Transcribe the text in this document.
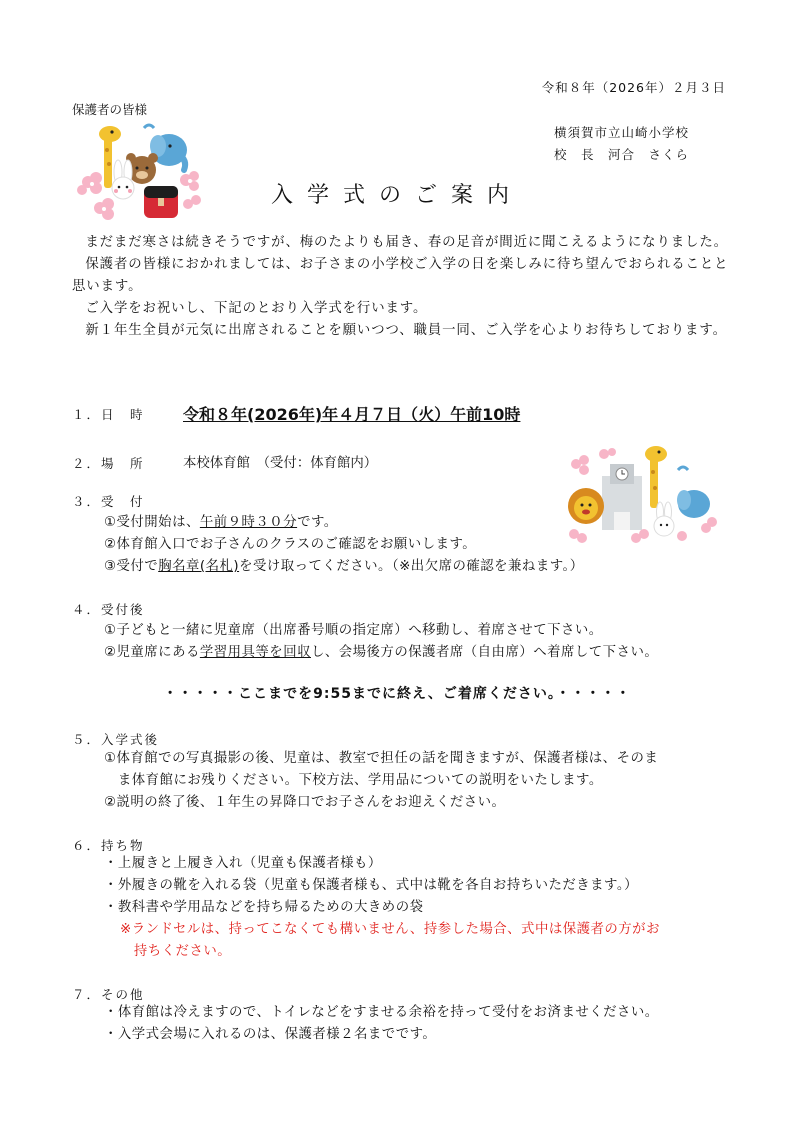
令和８年（2026年）２月３日
保護者の皆様
横須賀市立山崎小学校
校　長　河合　さくら
入学式のご案内

まだまだ寒さは続きそうですが、梅のたよりも届き、春の足音が間近に聞こえるようになりました。

保護者の皆様におかれましては、お子さまの小学校ご入学の日を楽しみに待ち望んでおられることと思います。

ご入学をお祝いし、下記のとおり入学式を行います。

新１年生全員が元気に出席されることを願いつつ、職員一同、ご入学を心よりお待ちしております。

１．日　時 令和８年(2026年)年４月７日（火）午前10時
２．場　所	本校体育館　（受付：体育館内）
３．受　付
①受付開始は、午前９時３０分です。
②体育館入口でお子さんのクラスのご確認をお願いします。
③受付で胸名章(名札)を受け取ってください。（※出欠席の確認を兼ねます。）
４．受付後
①子どもと一緒に児童席（出席番号順の指定席）へ移動し、着席させて下さい。
②児童席にある学習用具等を回収し、会場後方の保護者席（自由席）へ着席して下さい。
・・・・・ここまでを9:55までに終え、ご着席ください。・・・・・
５．入学式後
①体育館での写真撮影の後、児童は、教室で担任の話を聞きますが、保護者様は、そのま
　ま体育館にお残りください。下校方法、学用品についての説明をいたします。
②説明の終了後、１年生の昇降口でお子さんをお迎えください。
６．持ち物
・上履きと上履き入れ（児童も保護者様も）
・外履きの靴を入れる袋（児童も保護者様も、式中は靴を各自お持ちいただきます。）
・教科書や学用品などを持ち帰るための大きめの袋
※ランドセルは、持ってこなくても構いません、持参した場合、式中は保護者の方がお
　持ちください。
７．その他
・体育館は冷えますので、トイレなどをすませる余裕を持って受付をお済ませください。
・入学式会場に入れるのは、保護者様２名までです。
